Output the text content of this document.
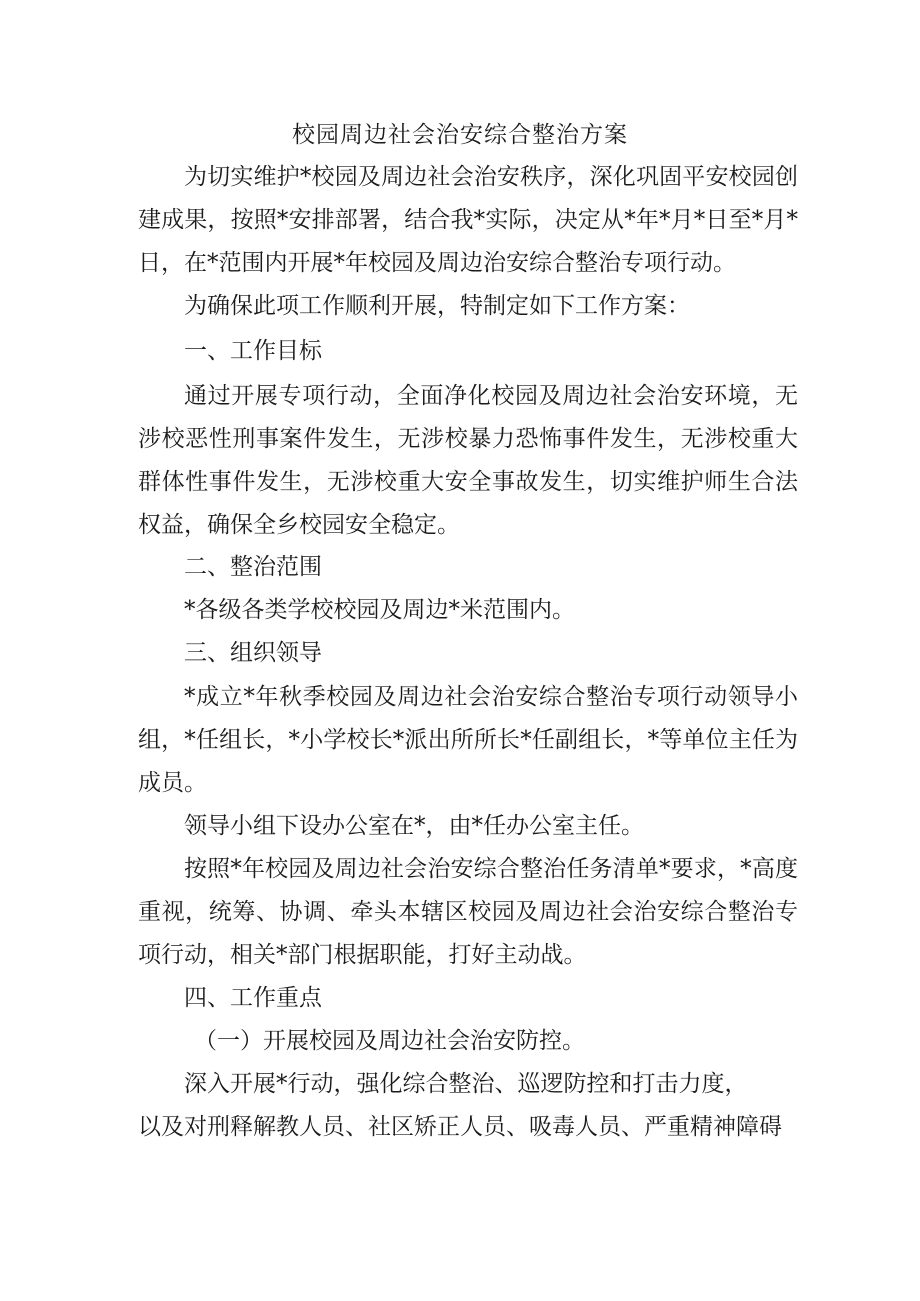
校园周边社会治安综合整治方案

为切实维护*校园及周边社会治安秩序，深化巩固平安校园创建成果，按照*安排部署，结合我*实际，决定从*年*月*日至*月*日，在*范围内开展*年校园及周边治安综合整治专项行动。

为确保此项工作顺利开展，特制定如下工作方案：

一、工作目标

通过开展专项行动，全面净化校园及周边社会治安环境，无涉校恶性刑事案件发生，无涉校暴力恐怖事件发生，无涉校重大群体性事件发生，无涉校重大安全事故发生，切实维护师生合法权益，确保全乡校园安全稳定。

二、整治范围

*各级各类学校校园及周边*米范围内。

三、组织领导

*成立*年秋季校园及周边社会治安综合整治专项行动领导小组，*任组长，*小学校长*派出所所长*任副组长，*等单位主任为成员。

领导小组下设办公室在*，由*任办公室主任。

按照*年校园及周边社会治安综合整治任务清单*要求，*高度重视，统筹、协调、牵头本辖区校园及周边社会治安综合整治专项行动，相关*部门根据职能，打好主动战。

四、工作重点

（一）开展校园及周边社会治安防控。

深入开展*行动，强化综合整治、巡逻防控和打击力度，

以及对刑释解教人员、社区矫正人员、吸毒人员、严重精神障碍
